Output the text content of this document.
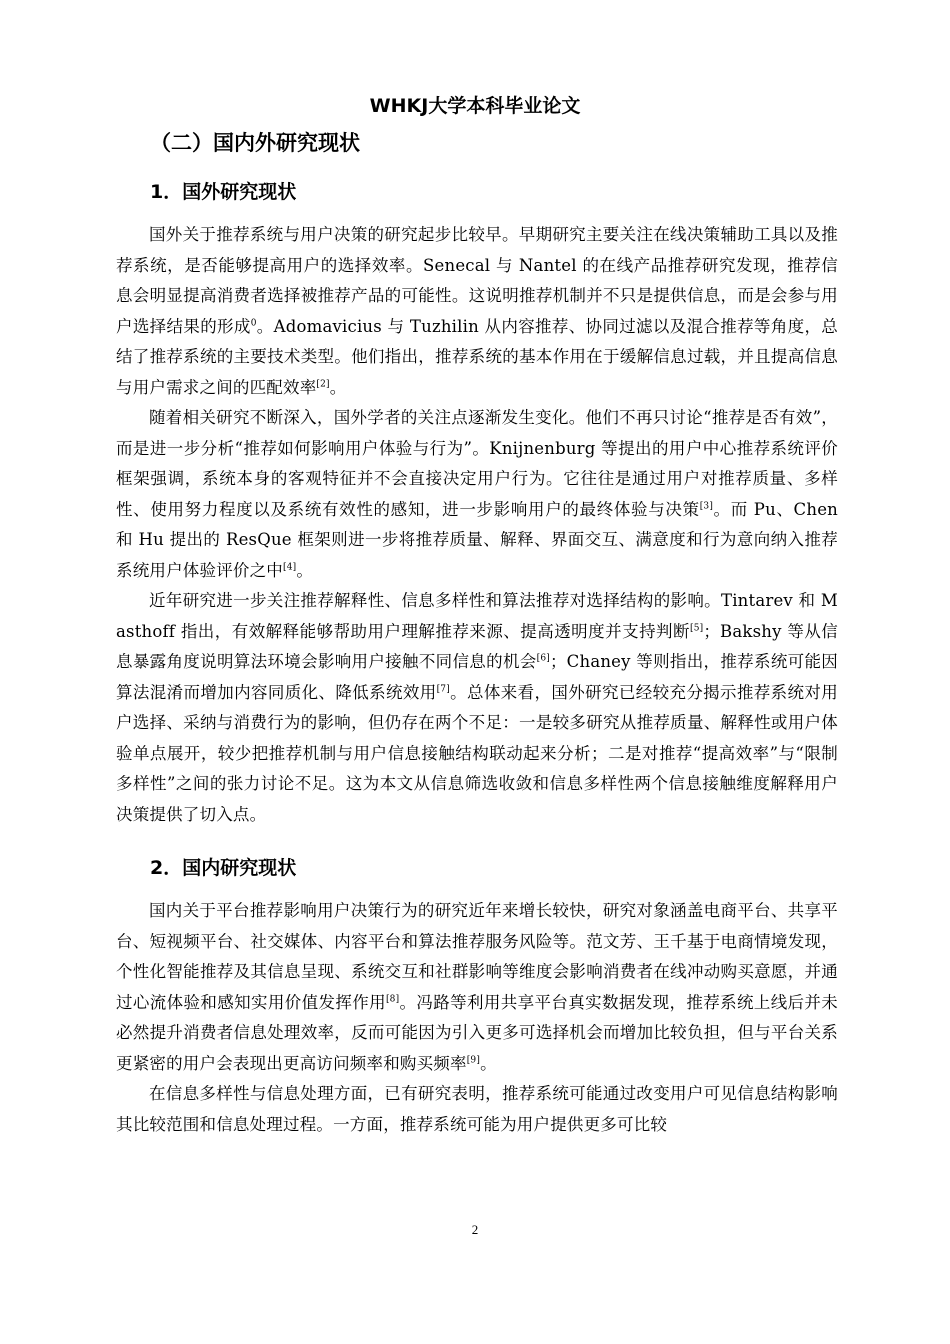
WHKJ大学本科毕业论文
（二）国内外研究现状
1．国外研究现状

国外关于推荐系统与用户决策的研究起步比较早。早期研究主要关注在线决策辅助工具以及推荐系统，是否能够提高用户的选择效率。Senecal 与 Nantel 的在线产品推荐研究发现，推荐信息会明显提高消费者选择被推荐产品的可能性。这说明推荐机制并不只是提供信息，而是会参与用户选择结果的形成$^0$。Adomavicius 与 Tuzhilin 从内容推荐、协同过滤以及混合推荐等角度，总结了推荐系统的主要技术类型。他们指出，推荐系统的基本作用在于缓解信息过载，并且提高信息与用户需求之间的匹配效率[2]。

随着相关研究不断深入，国外学者的关注点逐渐发生变化。他们不再只讨论“推荐是否有效”，而是进一步分析“推荐如何影响用户体验与行为”。Knijnenburg 等提出的用户中心推荐系统评价框架强调，系统本身的客观特征并不会直接决定用户行为。它往往是通过用户对推荐质量、多样性、使用努力程度以及系统有效性的感知，进一步影响用户的最终体验与决策[3]。而 Pu、Chen 和 Hu 提出的 ResQue 框架则进一步将推荐质量、解释、界面交互、满意度和行为意向纳入推荐系统用户体验评价之中[4]。

近年研究进一步关注推荐解释性、信息多样性和算法推荐对选择结构的影响。Tintarev 和 Masthoff 指出，有效解释能够帮助用户理解推荐来源、提高透明度并支持判断[5]；Bakshy 等从信息暴露角度说明算法环境会影响用户接触不同信息的机会[6]；Chaney 等则指出，推荐系统可能因算法混淆而增加内容同质化、降低系统效用[7]。总体来看，国外研究已经较充分揭示推荐系统对用户选择、采纳与消费行为的影响，但仍存在两个不足：一是较多研究从推荐质量、解释性或用户体验单点展开，较少把推荐机制与用户信息接触结构联动起来分析；二是对推荐“提高效率”与“限制多样性”之间的张力讨论不足。这为本文从信息筛选收敛和信息多样性两个信息接触维度解释用户决策提供了切入点。

2．国内研究现状

国内关于平台推荐影响用户决策行为的研究近年来增长较快，研究对象涵盖电商平台、共享平台、短视频平台、社交媒体、内容平台和算法推荐服务风险等。范文芳、王千基于电商情境发现，个性化智能推荐及其信息呈现、系统交互和社群影响等维度会影响消费者在线冲动购买意愿，并通过心流体验和感知实用价值发挥作用[8]。冯路等利用共享平台真实数据发现，推荐系统上线后并未必然提升消费者信息处理效率，反而可能因为引入更多可选择机会而增加比较负担，但与平台关系更紧密的用户会表现出更高访问频率和购买频率[9]。

在信息多样性与信息处理方面，已有研究表明，推荐系统可能通过改变用户可见信息结构影响其比较范围和信息处理过程。一方面，推荐系统可能为用户提供更多可比较

2
